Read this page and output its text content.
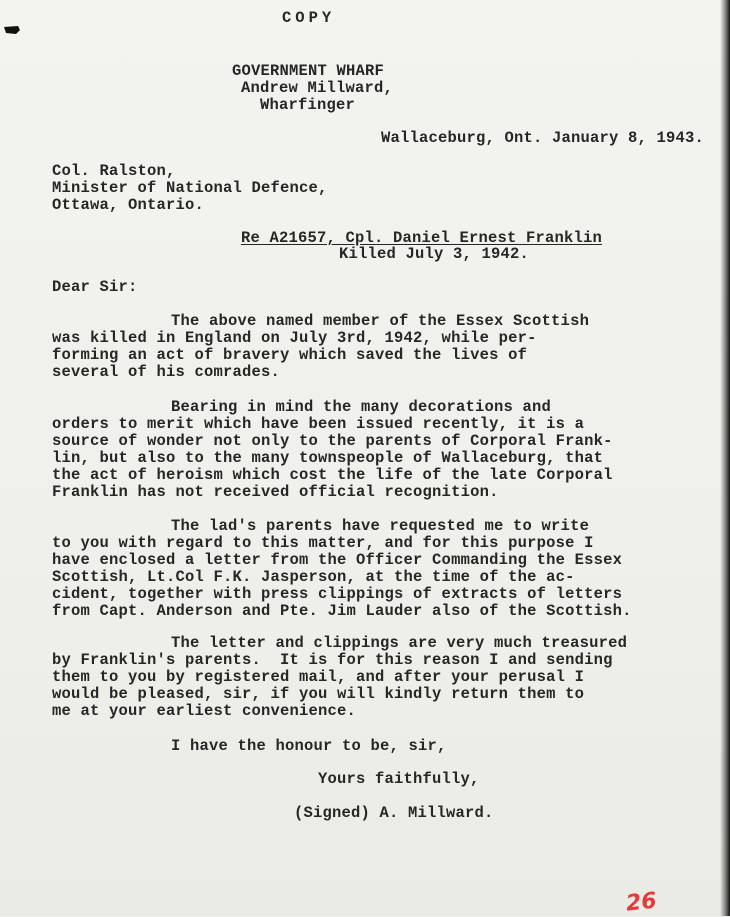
COPY
GOVERNMENT WHARF
Andrew Millward,
Wharfinger
Wallaceburg, Ont. January 8, 1943.
Col. Ralston,
Minister of National Defence,
Ottawa, Ontario.
Re A21657, Cpl. Daniel Ernest Franklin
Killed July 3, 1942.
Dear Sir:
The above named member of the Essex Scottish
was killed in England on July 3rd, 1942, while per-
forming an act of bravery which saved the lives of
several of his comrades.
Bearing in mind the many decorations and
orders to merit which have been issued recently, it is a
source of wonder not only to the parents of Corporal Frank-
lin, but also to the many townspeople of Wallaceburg, that
the act of heroism which cost the life of the late Corporal
Franklin has not received official recognition.
The lad's parents have requested me to write
to you with regard to this matter, and for this purpose I
have enclosed a letter from the Officer Commanding the Essex
Scottish, Lt.Col F.K. Jasperson, at the time of the ac-
cident, together with press clippings of extracts of letters
from Capt. Anderson and Pte. Jim Lauder also of the Scottish.
The letter and clippings are very much treasured
by Franklin's parents.  It is for this reason I and sending
them to you by registered mail, and after your perusal I
would be pleased, sir, if you will kindly return them to
me at your earliest convenience.
I have the honour to be, sir,
Yours faithfully,
(Signed) A. Millward.
26
